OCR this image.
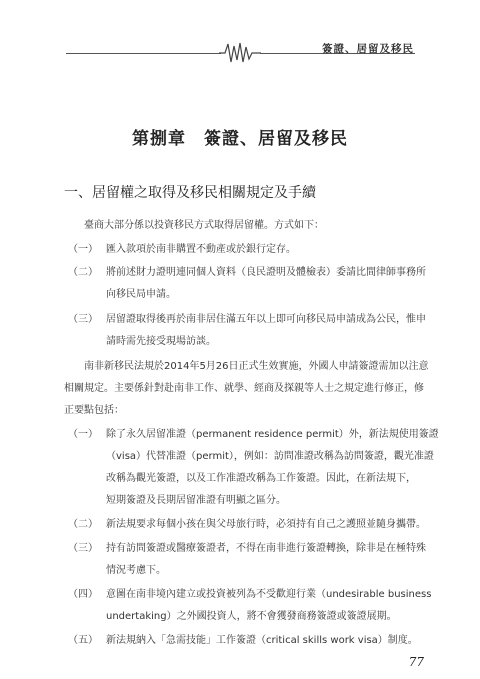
簽證、居留及移民
第捌章　簽證、居留及移民
一、居留權之取得及移民相關規定及手續
臺商大部分係以投資移民方式取得居留權。方式如下：
（一） 匯入款項於南非購置不動產或於銀行定存。
（二） 將前述財力證明連同個人資料（良民證明及體檢表）委請比間律師事務所
向移民局申請。
（三） 居留證取得後再於南非居住滿五年以上即可向移民局申請成為公民，惟申
請時需先接受現場訪談。
南非新移民法規於2014年5月26日正式生效實施，外國人申請簽證需加以注意
相關規定。主要係針對赴南非工作、就學、經商及探親等人士之規定進行修正，修
正要點包括：
（一） 除了永久居留准證（permanent residence permit）外，新法規使用簽證
（visa）代替准證（permit），例如：訪問准證改稱為訪問簽證，觀光准證
改稱為觀光簽證，以及工作准證改稱為工作簽證。因此，在新法規下，
短期簽證及長期居留准證有明顯之區分。
（二） 新法規要求每個小孩在與父母旅行時，必須持有自己之護照並隨身攜帶。
（三） 持有訪問簽證或醫療簽證者，不得在南非進行簽證轉換，除非是在極特殊
情況考慮下。
（四） 意圖在南非境內建立或投資被列為不受歡迎行業（undesirable business
undertaking）之外國投資人，將不會獲發商務簽證或簽證展期。
（五） 新法規納入「急需技能」工作簽證（critical skills work visa）制度。
77
